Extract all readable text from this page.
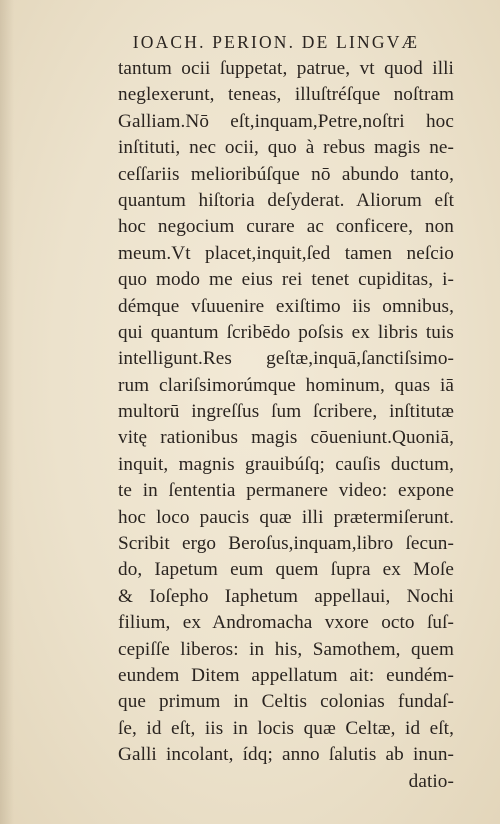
IOACH. PERION. DE LINGVÆ
tantum ocii ſuppetat, patrue, vt quod illi
neglexerunt, teneas, illuſtréſque noſtram
Galliam.Nō eſt,inquam,Petre,noſtri hoc
inſtituti, nec ocii, quo à rebus magis ne-
ceſſariis melioribúſque nō abundo tanto,
quantum hiſtoria deſyderat. Aliorum eſt
hoc negocium curare ac conficere, non
meum.Vt placet,inquit,ſed tamen neſcio
quo modo me eius rei tenet cupiditas, i-
démque vſuuenire exiſtimo iis omnibus,
qui quantum ſcribēdo poſsis ex libris tuis
intelligunt.Res geſtæ,inquā,ſanctiſsimo-
rum clariſsimorúmque hominum, quas iā
multorū ingreſſus ſum ſcribere, inſtitutæ
vitę rationibus magis cōueniunt.Quoniā,
inquit, magnis grauibúſq; cauſis ductum,
te in ſententia permanere video: expone
hoc loco paucis quæ illi prætermiſerunt.
Scribit ergo Beroſus,inquam,libro ſecun-
do, Iapetum eum quem ſupra ex Moſe
& Ioſepho Iaphetum appellaui, Nochi
filium, ex Andromacha vxore octo ſuſ-
cepiſſe liberos: in his, Samothem, quem
eundem Ditem appellatum ait: eundém-
que primum in Celtis colonias fundaſ-
ſe, id eſt, iis in locis quæ Celtæ, id eſt,
Galli incolant, ídq; anno ſalutis ab inun-
datio-
